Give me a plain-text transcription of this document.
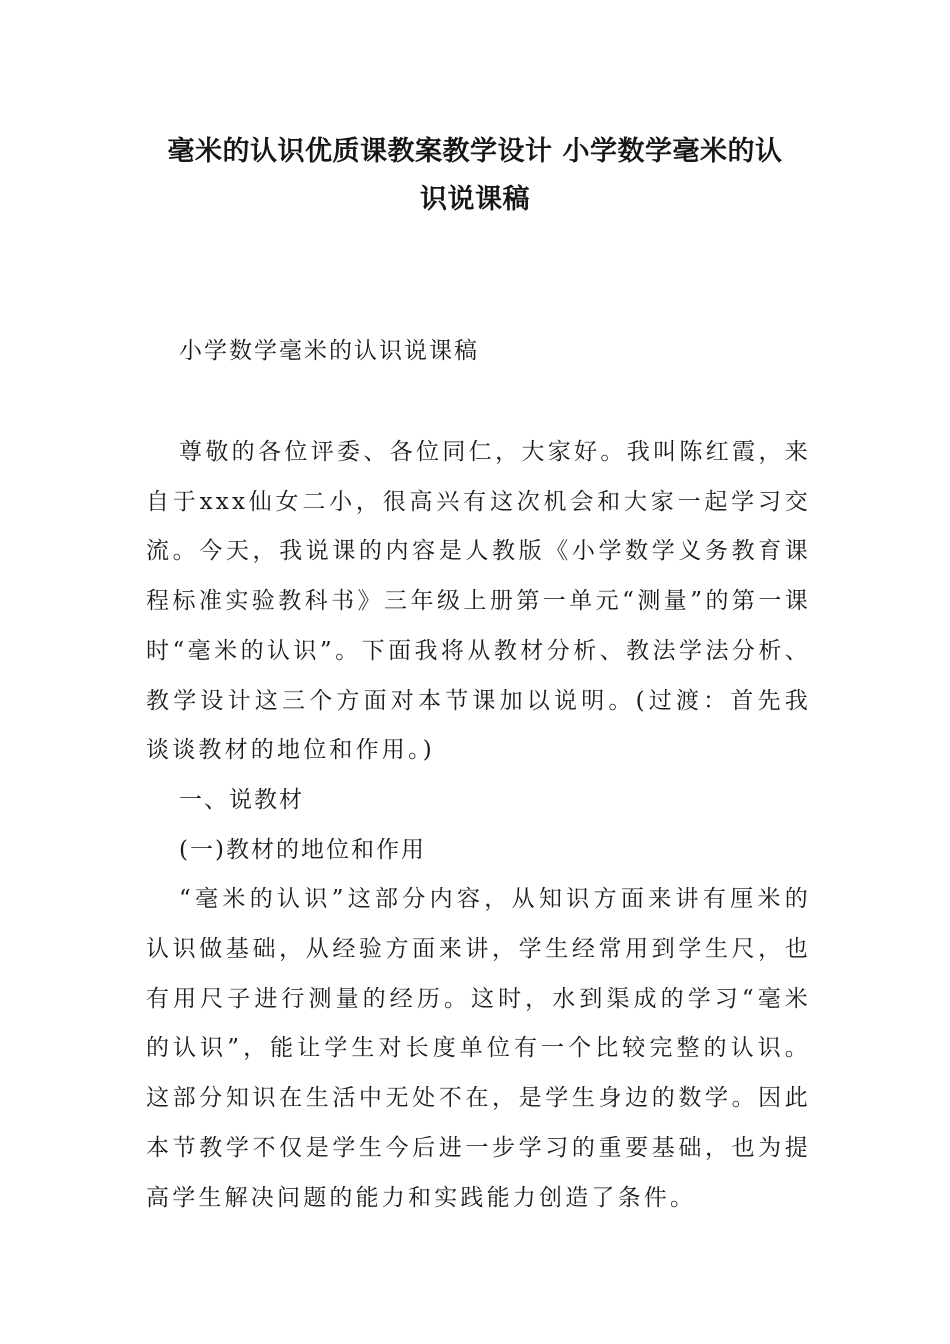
毫米的认识优质课教案教学设计 小学数学毫米的认
识说课稿

小学数学毫米的认识说课稿

尊敬的各位评委、各位同仁，大家好。我叫陈红霞，来自于xxx仙女二小，很高兴有这次机会和大家一起学习交流。今天，我说课的内容是人教版《小学数学义务教育课程标准实验教科书》三年级上册第一单元“测量”的第一课时“毫米的认识”。下面我将从教材分析、教法学法分析、教学设计这三个方面对本节课加以说明。(过渡：首先我谈谈教材的地位和作用。)

一、说教材

(一)教材的地位和作用

“毫米的认识”这部分内容，从知识方面来讲有厘米的认识做基础，从经验方面来讲，学生经常用到学生尺，也有用尺子进行测量的经历。这时，水到渠成的学习“毫米的认识”，能让学生对长度单位有一个比较完整的认识。这部分知识在生活中无处不在，是学生身边的数学。因此本节教学不仅是学生今后进一步学习的重要基础，也为提高学生解决问题的能力和实践能力创造了条件。
